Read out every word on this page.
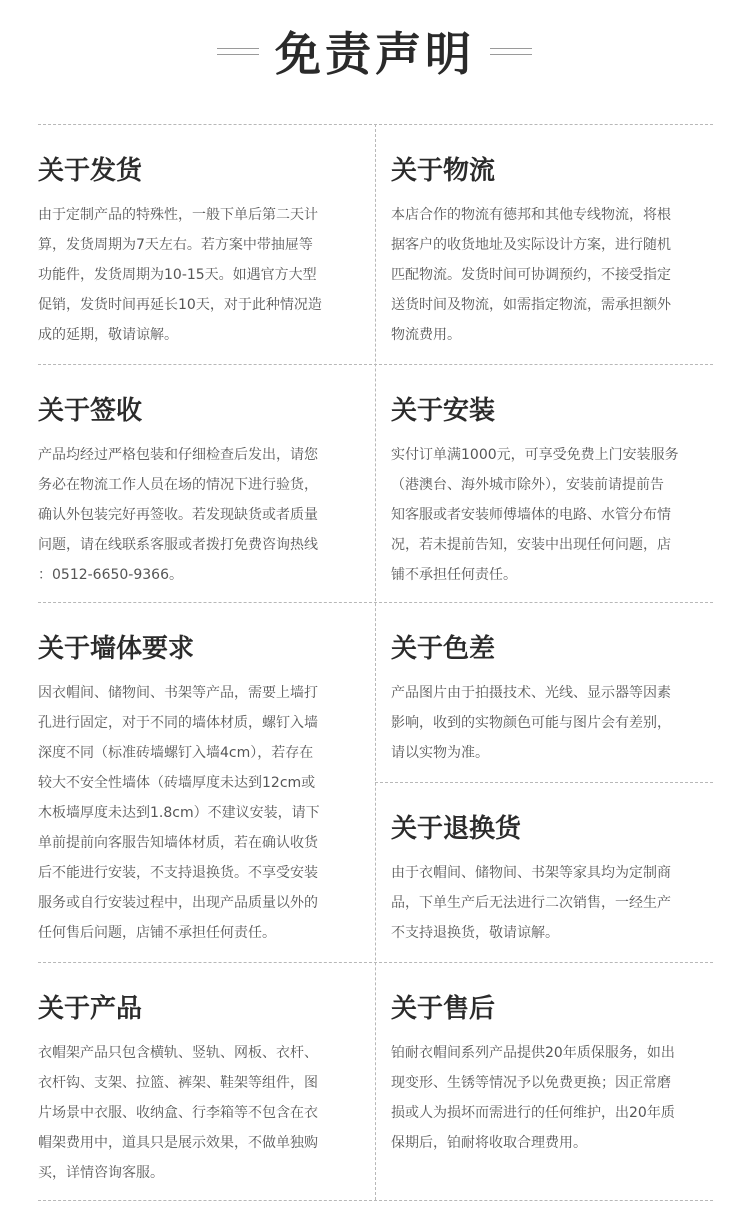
免责声明
关于发货
由于定制产品的特殊性，一般下单后第二天计
算，发货周期为7天左右。若方案中带抽屉等
功能件，发货周期为10-15天。如遇官方大型
促销，发货时间再延长10天，对于此种情况造
成的延期，敬请谅解。
关于物流
本店合作的物流有德邦和其他专线物流，将根
据客户的收货地址及实际设计方案，进行随机
匹配物流。发货时间可协调预约，不接受指定
送货时间及物流，如需指定物流，需承担额外
物流费用。
关于签收
产品均经过严格包装和仔细检查后发出，请您
务必在物流工作人员在场的情况下进行验货，
确认外包装完好再签收。若发现缺货或者质量
问题，请在线联系客服或者拨打免费咨询热线
：0512-6650-9366。
关于安装
实付订单满1000元，可享受免费上门安装服务
（港澳台、海外城市除外），安装前请提前告
知客服或者安装师傅墙体的电路、水管分布情
况，若未提前告知，安装中出现任何问题，店
铺不承担任何责任。
关于墙体要求
因衣帽间、储物间、书架等产品，需要上墙打
孔进行固定，对于不同的墙体材质，螺钉入墙
深度不同（标准砖墙螺钉入墙4cm），若存在
较大不安全性墙体（砖墙厚度未达到12cm或
木板墙厚度未达到1.8cm）不建议安装，请下
单前提前向客服告知墙体材质，若在确认收货
后不能进行安装，不支持退换货。不享受安装
服务或自行安装过程中，出现产品质量以外的
任何售后问题，店铺不承担任何责任。
关于色差
产品图片由于拍摄技术、光线、显示器等因素
影响，收到的实物颜色可能与图片会有差别，
请以实物为准。
关于退换货
由于衣帽间、储物间、书架等家具均为定制商
品，下单生产后无法进行二次销售，一经生产
不支持退换货，敬请谅解。
关于产品
衣帽架产品只包含横轨、竖轨、网板、衣杆、
衣杆钩、支架、拉篮、裤架、鞋架等组件，图
片场景中衣服、收纳盒、行李箱等不包含在衣
帽架费用中，道具只是展示效果，不做单独购
买，详情咨询客服。
关于售后
铂耐衣帽间系列产品提供20年质保服务，如出
现变形、生锈等情况予以免费更换；因正常磨
损或人为损坏而需进行的任何维护，出20年质
保期后，铂耐将收取合理费用。
